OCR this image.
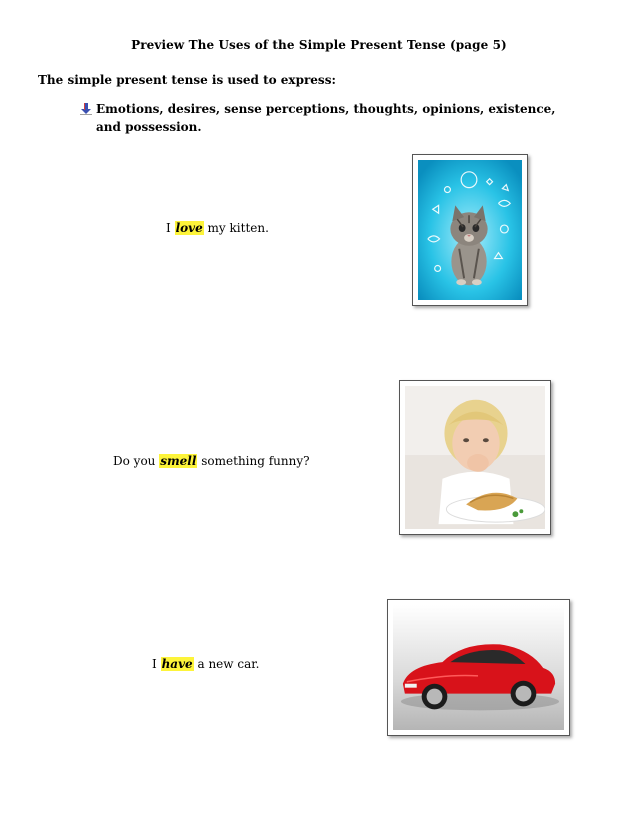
Preview The Uses of the Simple Present Tense (page 5)
The simple present tense is used to express:
Emotions, desires, sense perceptions, thoughts, opinions, existence, and possession.
I love my kitten.
Do you smell something funny?
I have a new car.
